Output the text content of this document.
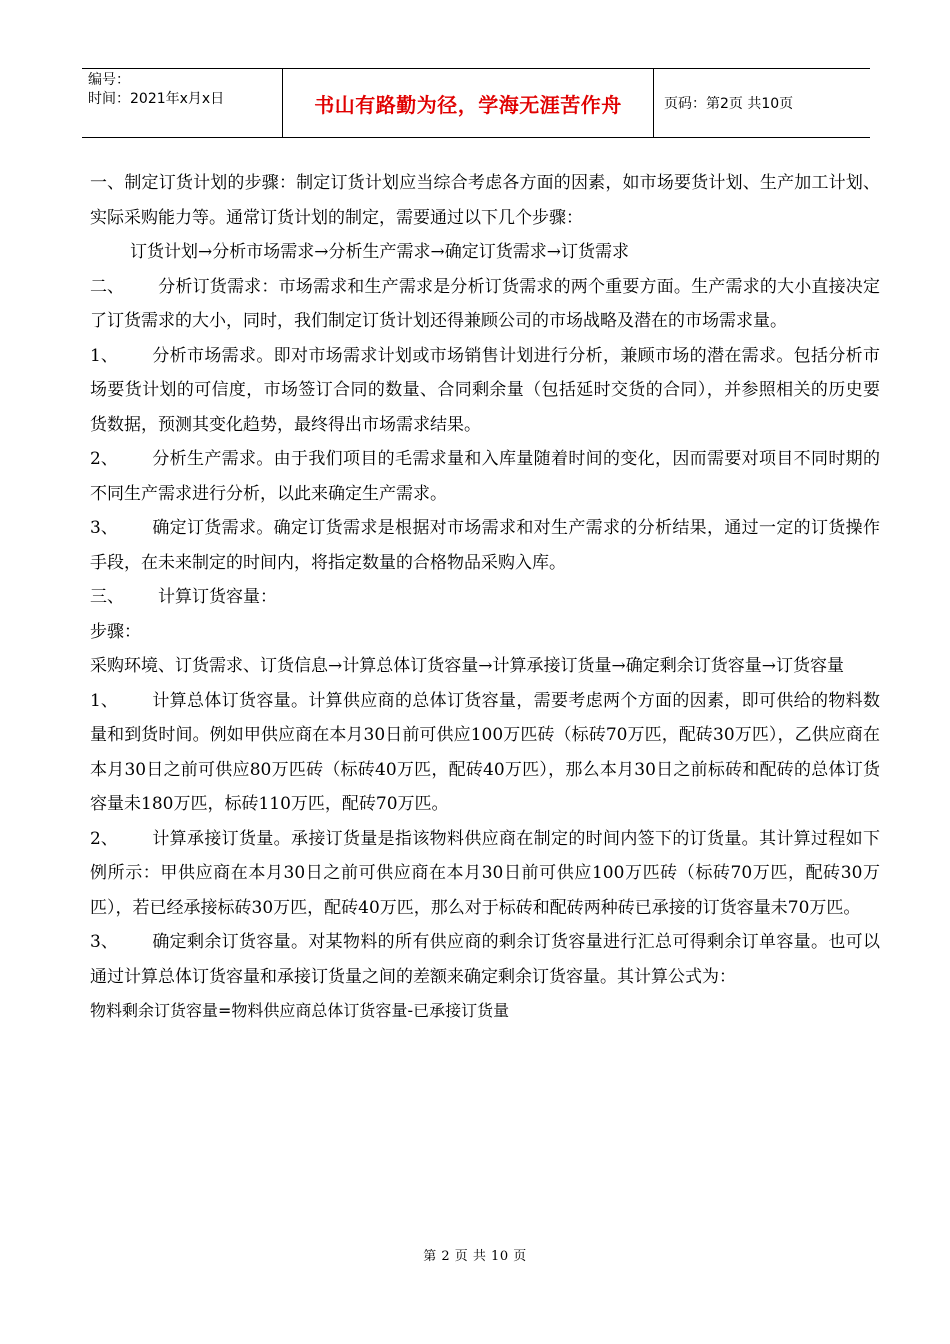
编号：
时间：2021年x月x日	书山有路勤为径，学海无涯苦作舟	页码：第2页 共10页

一、制定订货计划的步骤：制定订货计划应当综合考虑各方面的因素，如市场要货计划、生产加工计划、实际采购能力等。通常订货计划的制定，需要通过以下几个步骤：

订货计划→分析市场需求→分析生产需求→确定订货需求→订货需求

二、 分析订货需求：市场需求和生产需求是分析订货需求的两个重要方面。生产需求的大小直接决定了订货需求的大小，同时，我们制定订货计划还得兼顾公司的市场战略及潜在的市场需求量。

1、 分析市场需求。即对市场需求计划或市场销售计划进行分析，兼顾市场的潜在需求。包括分析市场要货计划的可信度，市场签订合同的数量、合同剩余量（包括延时交货的合同），并参照相关的历史要货数据，预测其变化趋势，最终得出市场需求结果。

2、 分析生产需求。由于我们项目的毛需求量和入库量随着时间的变化，因而需要对项目不同时期的不同生产需求进行分析，以此来确定生产需求。

3、 确定订货需求。确定订货需求是根据对市场需求和对生产需求的分析结果，通过一定的订货操作手段，在未来制定的时间内，将指定数量的合格物品采购入库。

三、 计算订货容量：

步骤：

采购环境、订货需求、订货信息→计算总体订货容量→计算承接订货量→确定剩余订货容量→订货容量

1、 计算总体订货容量。计算供应商的总体订货容量，需要考虑两个方面的因素，即可供给的物料数量和到货时间。例如甲供应商在本月30日前可供应100万匹砖（标砖70万匹，配砖30万匹），乙供应商在本月30日之前可供应80万匹砖（标砖40万匹，配砖40万匹），那么本月30日之前标砖和配砖的总体订货容量未180万匹，标砖110万匹，配砖70万匹。

2、 计算承接订货量。承接订货量是指该物料供应商在制定的时间内签下的订货量。其计算过程如下例所示：甲供应商在本月30日之前可供应商在本月30日前可供应100万匹砖（标砖70万匹，配砖30万匹），若已经承接标砖30万匹，配砖40万匹，那么对于标砖和配砖两种砖已承接的订货容量未70万匹。

3、 确定剩余订货容量。对某物料的所有供应商的剩余订货容量进行汇总可得剩余订单容量。也可以通过计算总体订货容量和承接订货量之间的差额来确定剩余订货容量。其计算公式为：

物料剩余订货容量=物料供应商总体订货容量-已承接订货量

第 2 页 共 10 页
